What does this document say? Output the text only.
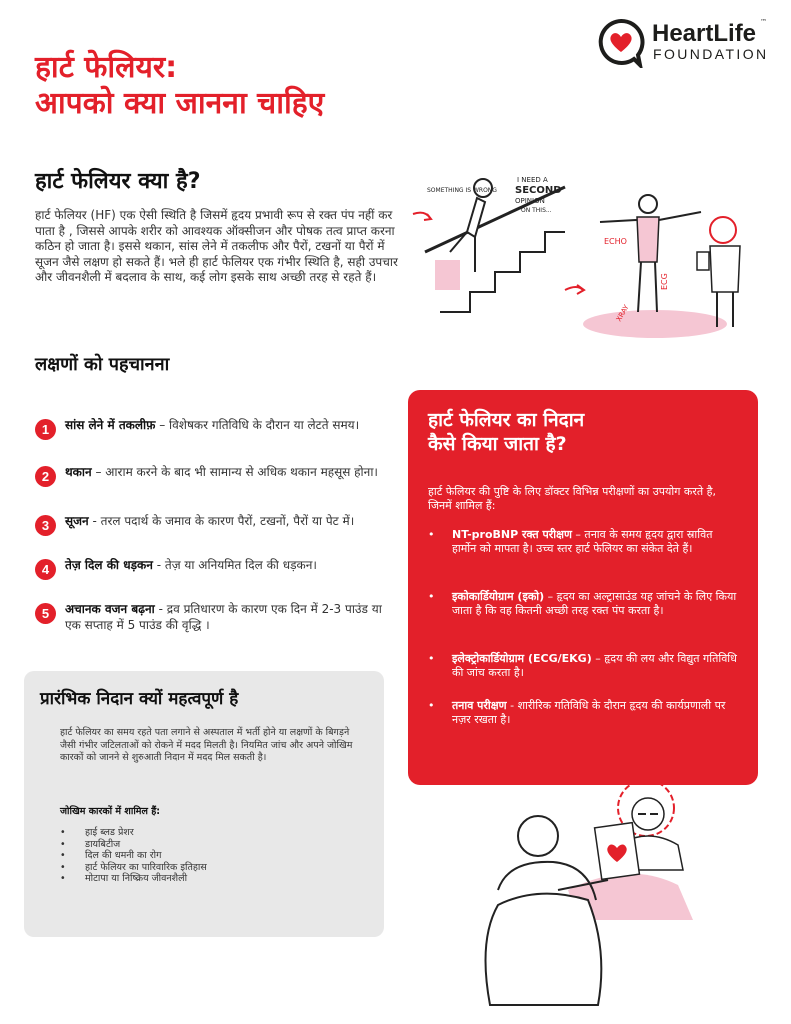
हार्ट फेलियर:
आपको क्या जानना चाहिए
HeartLife ™
FOUNDATION
हार्ट फेलियर क्या है?
हार्ट फेलियर (HF) एक ऐसी स्थिति है जिसमें हृदय प्रभावी रूप से रक्त पंप नहीं कर पाता है , जिससे आपके शरीर को आवश्यक ऑक्सीजन और पोषक तत्व प्राप्त करना कठिन हो जाता है। इससे थकान, सांस लेने में तकलीफ और पैरों, टखनों या पैरों में सूजन जैसे लक्षण हो सकते हैं। भले ही हार्ट फेलियर एक गंभीर स्थिति है, सही उपचार और जीवनशैली में बदलाव के साथ, कई लोग इसके साथ अच्छी तरह से रहते हैं।
SOMETHING IS WRONG
I NEED A
SECOND
OPINION
ON THIS...
ECHO
ECG
XRAY
लक्षणों को पहचानना
1	सांस लेने में तकलीफ़ – विशेषकर गतिविधि के दौरान या लेटते समय।
2	थकान – आराम करने के बाद भी सामान्य से अधिक थकान महसूस होना।
3	सूजन - तरल पदार्थ के जमाव के कारण पैरों, टखनों, पैरों या पेट में।
4	तेज़ दिल की धड़कन - तेज़ या अनियमित दिल की धड़कन।
5	अचानक वजन बढ़ना - द्रव प्रतिधारण के कारण एक दिन में 2-3 पाउंड या एक सप्ताह में 5 पाउंड की वृद्धि ।
प्रारंभिक निदान क्यों महत्वपूर्ण है
हार्ट फेलियर का समय रहते पता लगाने से अस्पताल में भर्ती होने या लक्षणों के बिगड़ने जैसी गंभीर जटिलताओं को रोकने में मदद मिलती है। नियमित जांच और अपने जोखिम कारकों को जानने से शुरुआती निदान में मदद मिल सकती है।
जोखिम कारकों में शामिल हैं:
• हाई ब्लड प्रेशर
• डायबिटीज
• दिल की धमनी का रोग
• हार्ट फेलियर का पारिवारिक इतिहास
• मोटापा या निष्क्रिय जीवनशैली
हार्ट फेलियर का निदान
कैसे किया जाता है?
हार्ट फेलियर की पुष्टि के लिए डॉक्टर विभिन्न परीक्षणों का उपयोग करते है, जिनमें शामिल हैं:
• NT-proBNP रक्त परीक्षण – तनाव के समय हृदय द्वारा स्रावित हार्मोन को मापता है। उच्च स्तर हार्ट फेलियर का संकेत देते हैं।
• इकोकार्डियोग्राम (इको) – हृदय का अल्ट्रासाउंड यह जांचने के लिए किया जाता है कि वह कितनी अच्छी तरह रक्त पंप करता है।
• इलेक्ट्रोकार्डियोग्राम (ECG/EKG) – हृदय की लय और विद्युत गतिविधि की जांच करता है।
• तनाव परीक्षण - शारीरिक गतिविधि के दौरान हृदय की कार्यप्रणाली पर नज़र रखता है।
